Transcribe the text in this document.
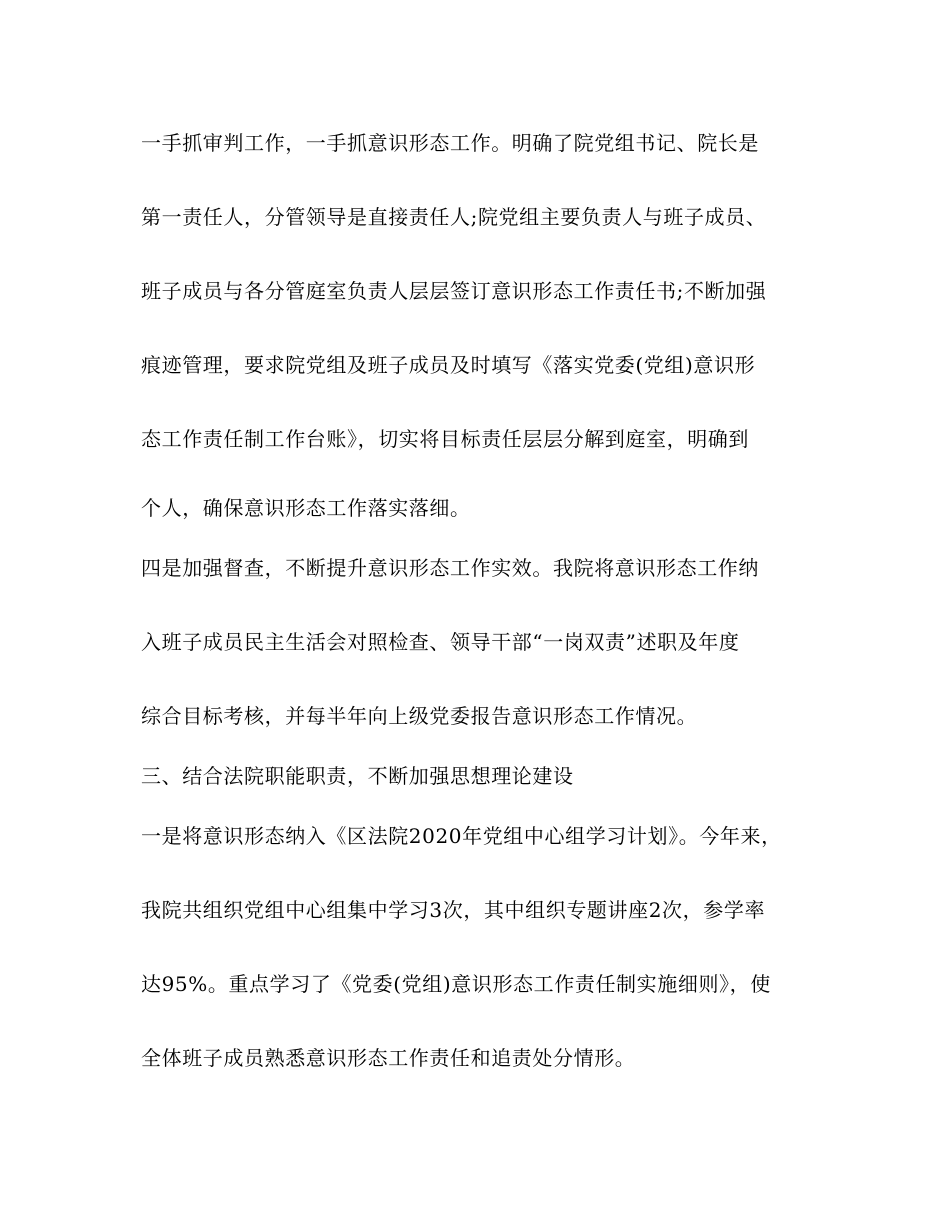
一手抓审判工作，一手抓意识形态工作。明确了院党组书记、院长是
第一责任人，分管领导是直接责任人;院党组主要负责人与班子成员、
班子成员与各分管庭室负责人层层签订意识形态工作责任书;不断加强
痕迹管理，要求院党组及班子成员及时填写《落实党委(党组)意识形
态工作责任制工作台账》，切实将目标责任层层分解到庭室，明确到
个人，确保意识形态工作落实落细。
四是加强督查，不断提升意识形态工作实效。我院将意识形态工作纳
入班子成员民主生活会对照检查、领导干部“一岗双责”述职及年度
综合目标考核，并每半年向上级党委报告意识形态工作情况。
三、结合法院职能职责，不断加强思想理论建设
一是将意识形态纳入《区法院2020年党组中心组学习计划》。今年来，
我院共组织党组中心组集中学习3次，其中组织专题讲座2次，参学率
达95%。重点学习了《党委(党组)意识形态工作责任制实施细则》，使
全体班子成员熟悉意识形态工作责任和追责处分情形。
